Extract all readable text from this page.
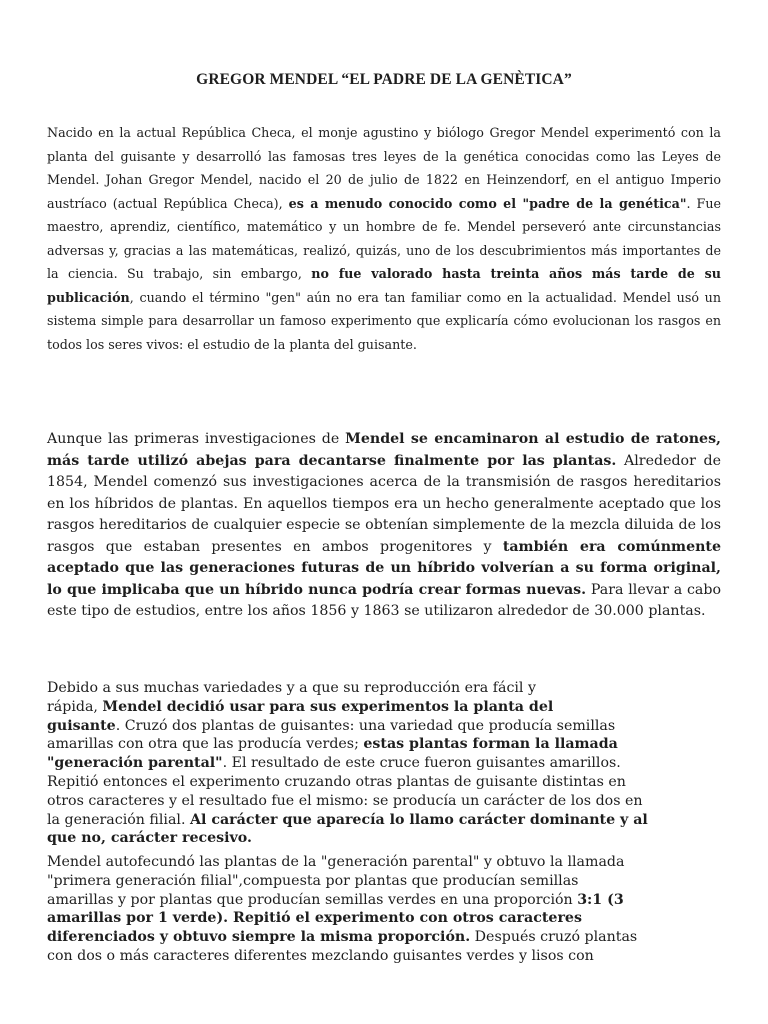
GREGOR MENDEL “EL PADRE DE LA GENÈTICA”
Nacido en la actual República Checa, el monje agustino y biólogo Gregor Mendel experimentó con la planta del guisante y desarrolló las famosas tres leyes de la genética conocidas como las Leyes de Mendel. Johan Gregor Mendel, nacido el 20 de julio de 1822 en Heinzendorf, en el antiguo Imperio austríaco (actual República Checa), es a menudo conocido como el "padre de la genética". Fue maestro, aprendiz, científico, matemático y un hombre de fe. Mendel perseveró ante circunstancias adversas y, gracias a las matemáticas, realizó, quizás, uno de los descubrimientos más importantes de la ciencia. Su trabajo, sin embargo, no fue valorado hasta treinta años más tarde de su publicación, cuando el término "gen" aún no era tan familiar como en la actualidad. Mendel usó un sistema simple para desarrollar un famoso experimento que explicaría cómo evolucionan los rasgos en todos los seres vivos: el estudio de la planta del guisante.
Aunque las primeras investigaciones de Mendel se encaminaron al estudio de ratones, más tarde utilizó abejas para decantarse finalmente por las plantas. Alrededor de 1854, Mendel comenzó sus investigaciones acerca de la transmisión de rasgos hereditarios en los híbridos de plantas. En aquellos tiempos era un hecho generalmente aceptado que los rasgos hereditarios de cualquier especie se obtenían simplemente de la mezcla diluida de los rasgos que estaban presentes en ambos progenitores y también era comúnmente aceptado que las generaciones futuras de un híbrido volverían a su forma original, lo que implicaba que un híbrido nunca podría crear formas nuevas. Para llevar a cabo este tipo de estudios, entre los años 1856 y 1863 se utilizaron alrededor de 30.000 plantas.
Debido a sus muchas variedades y a que su reproducción era fácil y
rápida, Mendel decidió usar para sus experimentos la planta del
guisante. Cruzó dos plantas de guisantes: una variedad que producía semillas
amarillas con otra que las producía verdes; estas plantas forman la llamada
"generación parental". El resultado de este cruce fueron guisantes amarillos.
Repitió entonces el experimento cruzando otras plantas de guisante distintas en
otros caracteres y el resultado fue el mismo: se producía un carácter de los dos en
la generación filial. Al carácter que aparecía lo llamo carácter dominante y al
que no, carácter recesivo.
Mendel autofecundó las plantas de la "generación parental" y obtuvo la llamada
"primera generación filial",compuesta por plantas que producían semillas
amarillas y por plantas que producían semillas verdes en una proporción 3:1 (3
amarillas por 1 verde). Repitió el experimento con otros caracteres
diferenciados y obtuvo siempre la misma proporción. Después cruzó plantas
con dos o más caracteres diferentes mezclando guisantes verdes y lisos con
